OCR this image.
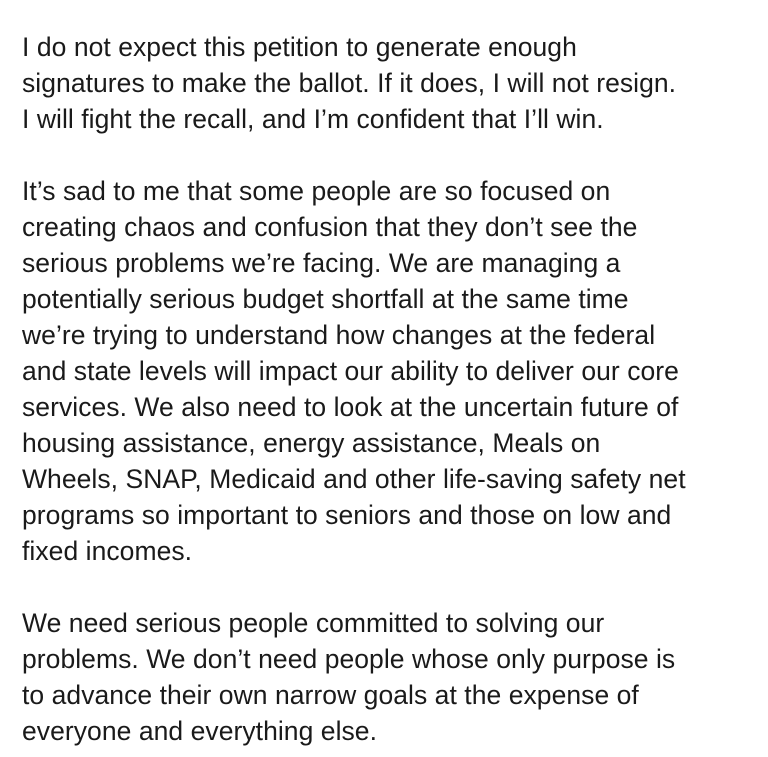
I do not expect this petition to generate enough
signatures to make the ballot. If it does, I will not resign.
I will fight the recall, and I’m confident that I’ll win.

It’s sad to me that some people are so focused on
creating chaos and confusion that they don’t see the
serious problems we’re facing. We are managing a
potentially serious budget shortfall at the same time
we’re trying to understand how changes at the federal
and state levels will impact our ability to deliver our core
services. We also need to look at the uncertain future of
housing assistance, energy assistance, Meals on
Wheels, SNAP, Medicaid and other life-saving safety net
programs so important to seniors and those on low and
fixed incomes.

We need serious people committed to solving our
problems. We don’t need people whose only purpose is
to advance their own narrow goals at the expense of
everyone and everything else.
